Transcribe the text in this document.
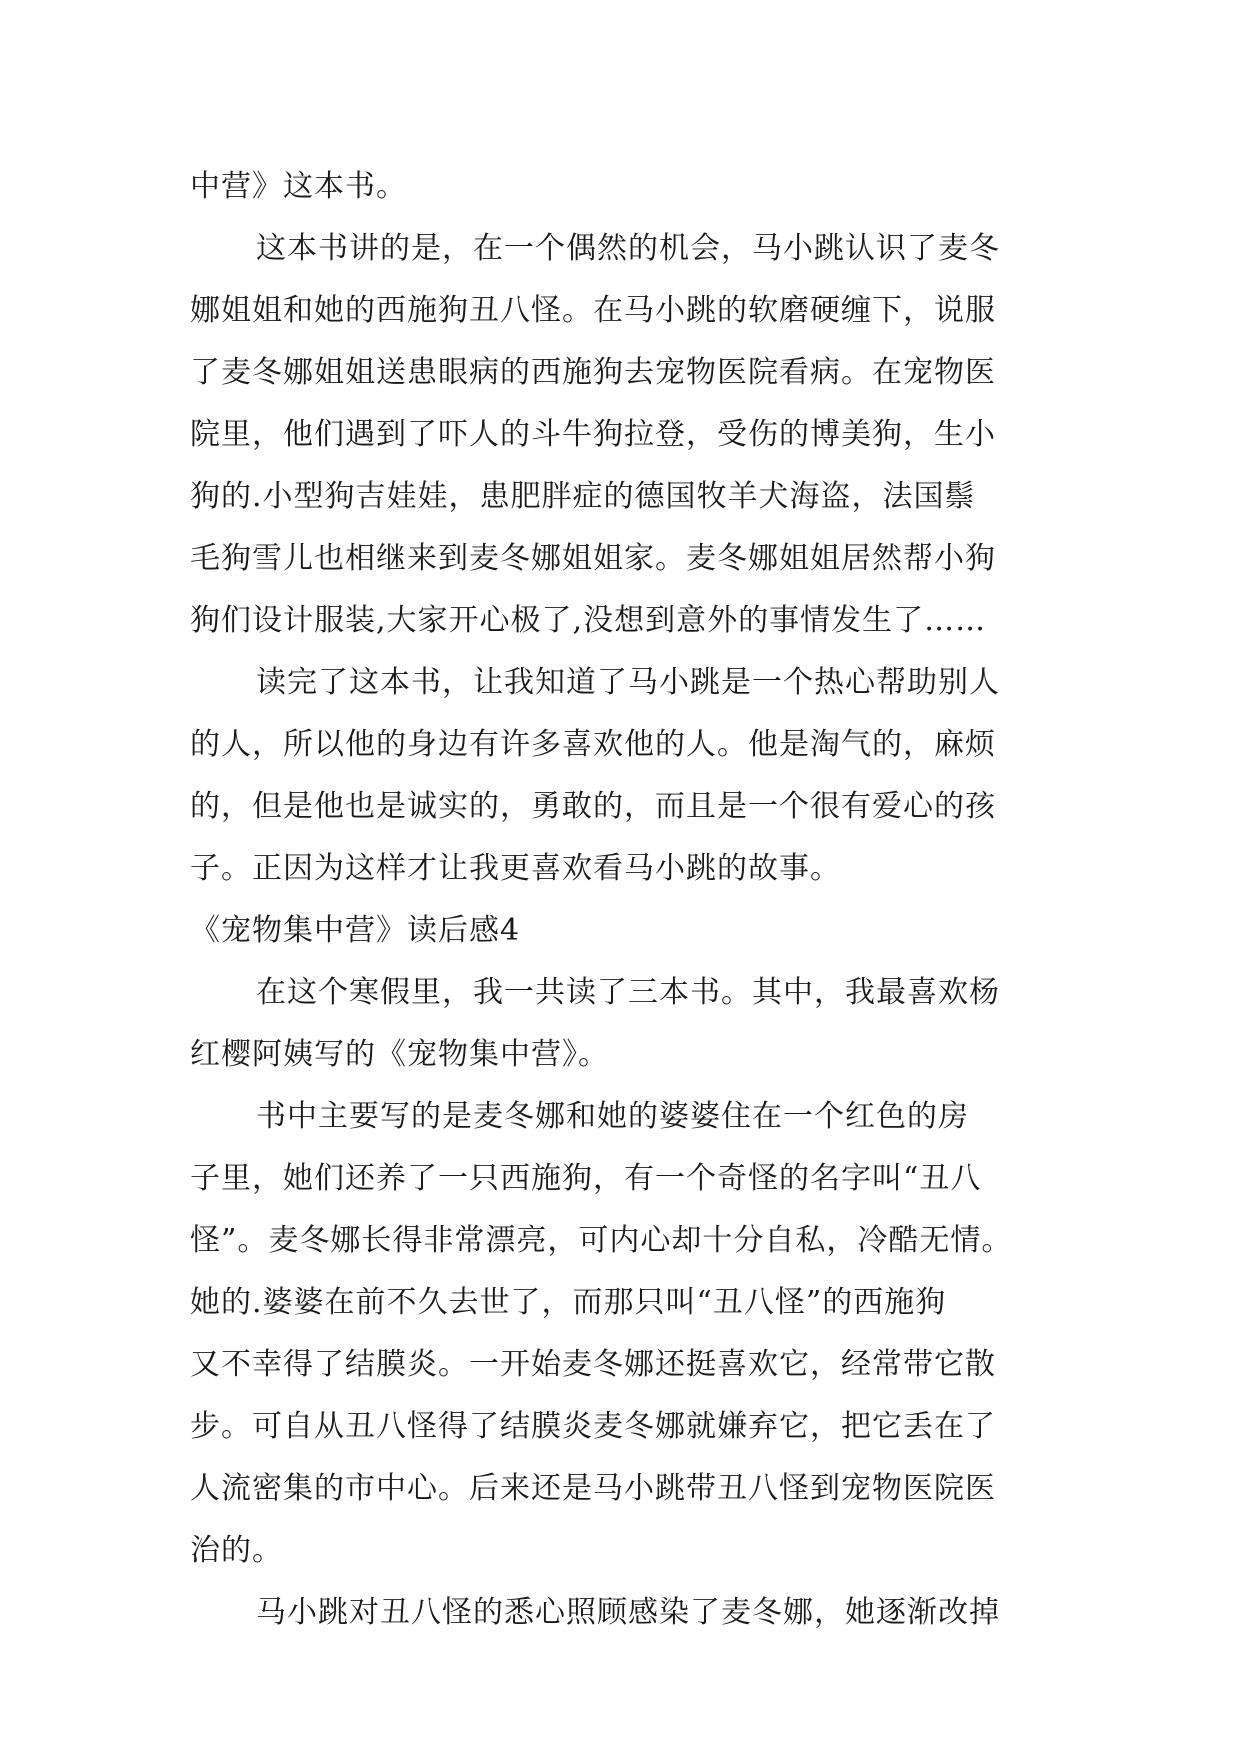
中营》这本书。
这本书讲的是，在一个偶然的机会，马小跳认识了麦冬
娜姐姐和她的西施狗丑八怪。在马小跳的软磨硬缠下，说服
了麦冬娜姐姐送患眼病的西施狗去宠物医院看病。在宠物医
院里，他们遇到了吓人的斗牛狗拉登，受伤的博美狗，生小
狗的.小型狗吉娃娃，患肥胖症的德国牧羊犬海盗，法国鬃
毛狗雪儿也相继来到麦冬娜姐姐家。麦冬娜姐姐居然帮小狗
狗们设计服装,大家开心极了,没想到意外的事情发生了……
读完了这本书，让我知道了马小跳是一个热心帮助别人
的人，所以他的身边有许多喜欢他的人。他是淘气的，麻烦
的，但是他也是诚实的，勇敢的，而且是一个很有爱心的孩
子。正因为这样才让我更喜欢看马小跳的故事。
《宠物集中营》读后感4
在这个寒假里，我一共读了三本书。其中，我最喜欢杨
红樱阿姨写的《宠物集中营》。
书中主要写的是麦冬娜和她的婆婆住在一个红色的房
子里，她们还养了一只西施狗，有一个奇怪的名字叫“丑八
怪”。麦冬娜长得非常漂亮，可内心却十分自私，冷酷无情。
她的.婆婆在前不久去世了，而那只叫“丑八怪”的西施狗
又不幸得了结膜炎。一开始麦冬娜还挺喜欢它，经常带它散
步。可自从丑八怪得了结膜炎麦冬娜就嫌弃它，把它丢在了
人流密集的市中心。后来还是马小跳带丑八怪到宠物医院医
治的。
马小跳对丑八怪的悉心照顾感染了麦冬娜，她逐渐改掉
